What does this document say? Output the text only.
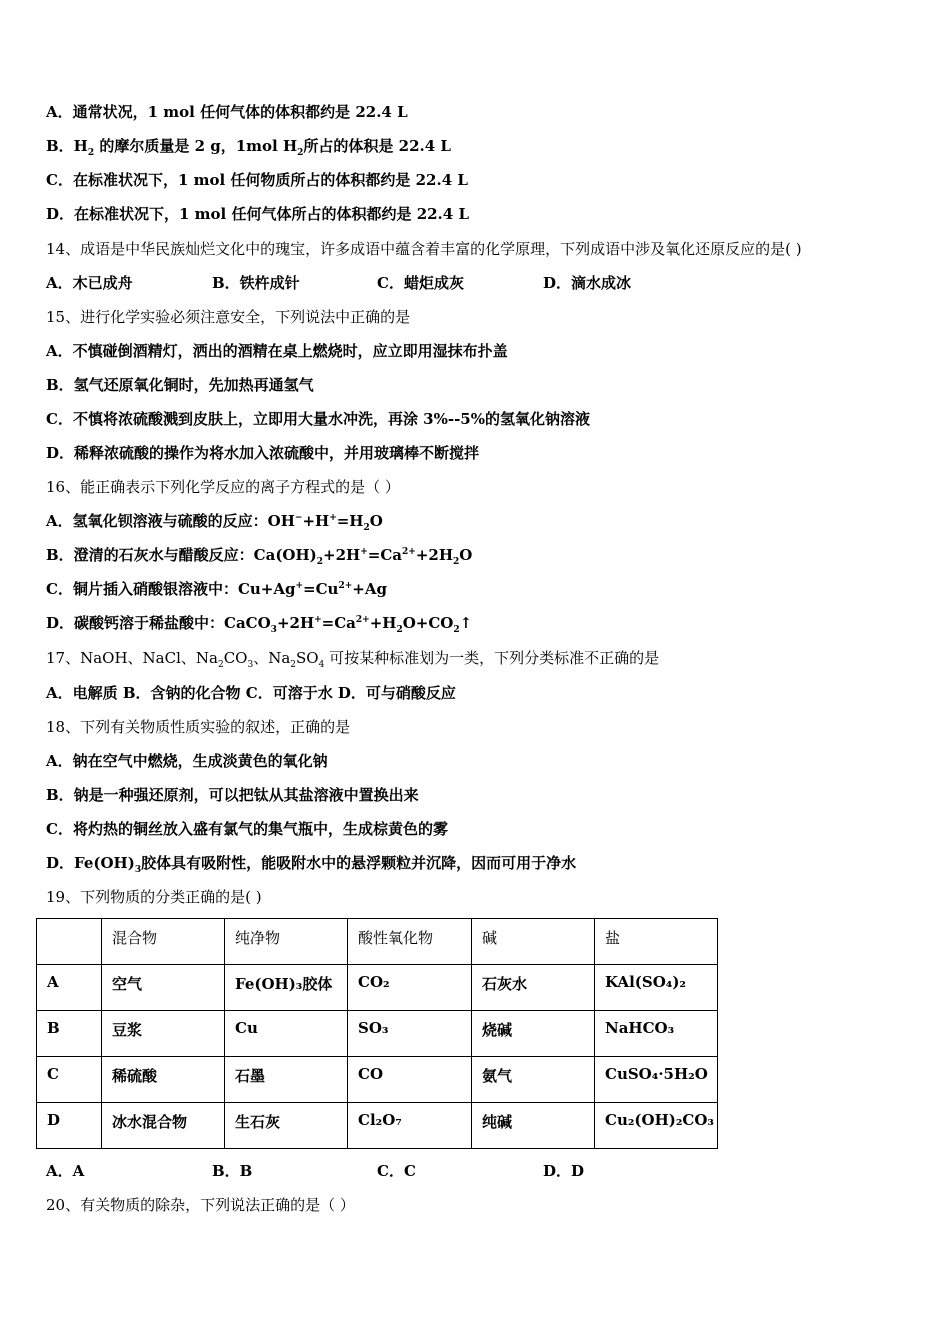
A．通常状况，1 mol 任何气体的体积都约是 22.4 L
B．$H_2$ 的摩尔质量是 2 g，1mol $H_2$所占的体积是 22.4 L
C．在标准状况下，1 mol 任何物质所占的体积都约是 22.4 L
D．在标准状况下，1 mol 任何气体所占的体积都约是 22.4 L
14、成语是中华民族灿烂文化中的瑰宝，许多成语中蕴含着丰富的化学原理，下列成语中涉及氧化还原反应的是( )
A．木已成舟	B．铁杵成针	C．蜡炬成灰	D．滴水成冰
15、进行化学实验必须注意安全，下列说法中正确的是
A．不慎碰倒酒精灯，洒出的酒精在桌上燃烧时，应立即用湿抹布扑盖
B．氢气还原氧化铜时，先加热再通氢气
C．不慎将浓硫酸溅到皮肤上，立即用大量水冲洗，再涂 3%--5%的氢氧化钠溶液
D．稀释浓硫酸的操作为将水加入浓硫酸中，并用玻璃棒不断搅拌
16、能正确表示下列化学反应的离子方程式的是（ ）
A．氢氧化钡溶液与硫酸的反应：$OH^-+H^+=H_2O$
B．澄清的石灰水与醋酸反应：$Ca(OH)_2+2H^+=Ca^{2+}+2H_2O$
C．铜片插入硝酸银溶液中：$Cu+Ag^+=Cu^{2+}+Ag$
D．碳酸钙溶于稀盐酸中：$CaCO_3+2H^+=Ca^{2+}+H_2O+CO_2↑$
17、NaOH、NaCl、$Na_2CO_3$、$Na_2SO_4$ 可按某种标准划为一类，下列分类标准不正确的是
A．电解质 B．含钠的化合物 C．可溶于水 D．可与硝酸反应
18、下列有关物质性质实验的叙述，正确的是
A．钠在空气中燃烧，生成淡黄色的氧化钠
B．钠是一种强还原剂，可以把钛从其盐溶液中置换出来
C．将灼热的铜丝放入盛有氯气的集气瓶中，生成棕黄色的雾
D．$Fe(OH)_3$胶体具有吸附性，能吸附水中的悬浮颗粒并沉降，因而可用于净水
19、下列物质的分类正确的是( )
	混合物	纯净物	酸性氧化物	碱	盐
A	空气	Fe(OH)₃胶体	CO₂	石灰水	KAl(SO₄)₂
B	豆浆	Cu	SO₃	烧碱	NaHCO₃
C	稀硫酸	石墨	CO	氨气	CuSO₄·5H₂O
D	冰水混合物	生石灰	Cl₂O₇	纯碱	Cu₂(OH)₂CO₃
A．A	B．B	C．C	D．D
20、有关物质的除杂，下列说法正确的是（ ）
